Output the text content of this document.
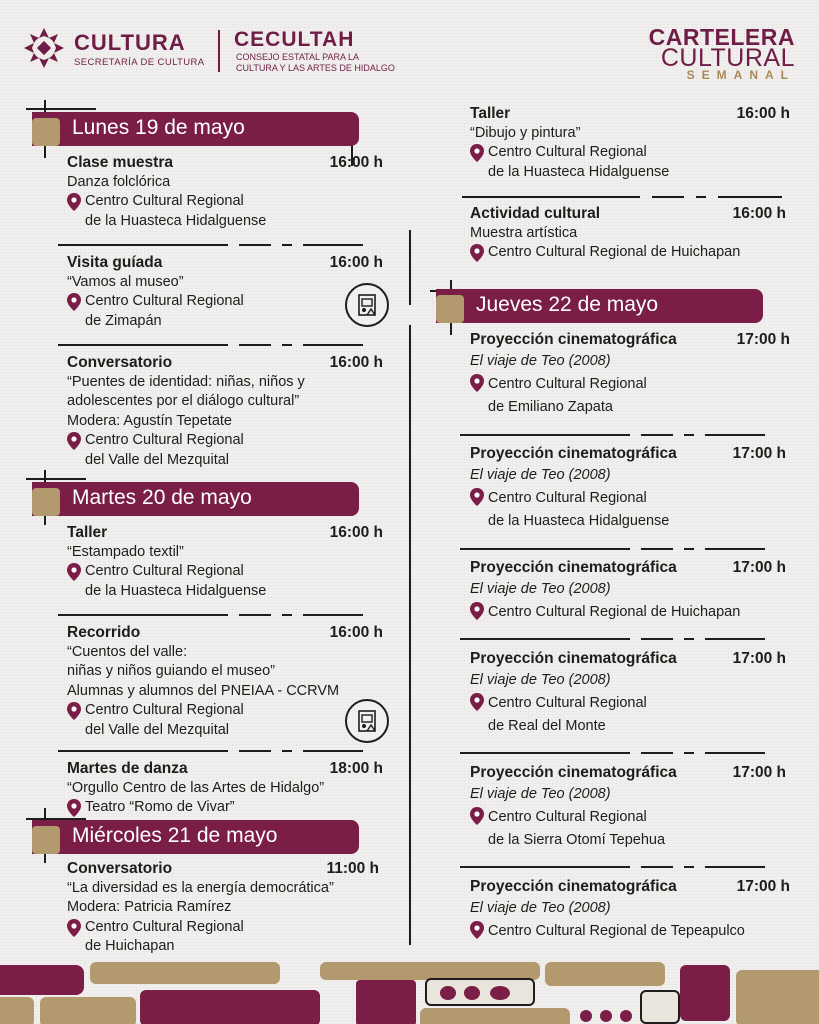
CULTURA
SECRETARÍA DE CULTURA
CECULTAH
CONSEJO ESTATAL PARA LA
CULTURA Y LAS ARTES DE HIDALGO
CARTELERA
CULTURAL
SEMANAL
Lunes 19 de mayo
Clase muestra	16:00 h
Danza folclórica
Centro Cultural Regional
de la Huasteca Hidalguense
Visita guíada	16:00 h
“Vamos al museo”
Centro Cultural Regional
de Zimapán
Conversatorio	16:00 h
“Puentes de identidad: niñas, niños y
adolescentes por el diálogo cultural”
Modera: Agustín Tepetate
Centro Cultural Regional
del Valle del Mezquital
Martes 20 de mayo
Taller	16:00 h
“Estampado textil”
Centro Cultural Regional
de la Huasteca Hidalguense
Recorrido	16:00 h
“Cuentos del valle:
niñas y niños guiando el museo”
Alumnas y alumnos del PNEIAA - CCRVM
Centro Cultural Regional
del Valle del Mezquital
Martes de danza	18:00 h
“Orgullo Centro de las Artes de Hidalgo”
Teatro “Romo de Vivar”
Miércoles 21 de mayo
Conversatorio	11:00 h
“La diversidad es la energía democrática”
Modera: Patricia Ramírez
Centro Cultural Regional
de Huichapan
Taller	16:00 h
“Dibujo y pintura”
Centro Cultural Regional
de la Huasteca Hidalguense
Actividad cultural	16:00 h
Muestra artística
Centro Cultural Regional de Huichapan
Jueves 22 de mayo
Proyección cinematográfica	17:00 h
El viaje de Teo (2008)
Centro Cultural Regional
de Emiliano Zapata
Proyección cinematográfica	17:00 h
El viaje de Teo (2008)
Centro Cultural Regional
de la Huasteca Hidalguense
Proyección cinematográfica	17:00 h
El viaje de Teo (2008)
Centro Cultural Regional de Huichapan
Proyección cinematográfica	17:00 h
El viaje de Teo (2008)
Centro Cultural Regional
de Real del Monte
Proyección cinematográfica	17:00 h
El viaje de Teo (2008)
Centro Cultural Regional
de la Sierra Otomí Tepehua
Proyección cinematográfica	17:00 h
El viaje de Teo (2008)
Centro Cultural Regional de Tepeapulco
